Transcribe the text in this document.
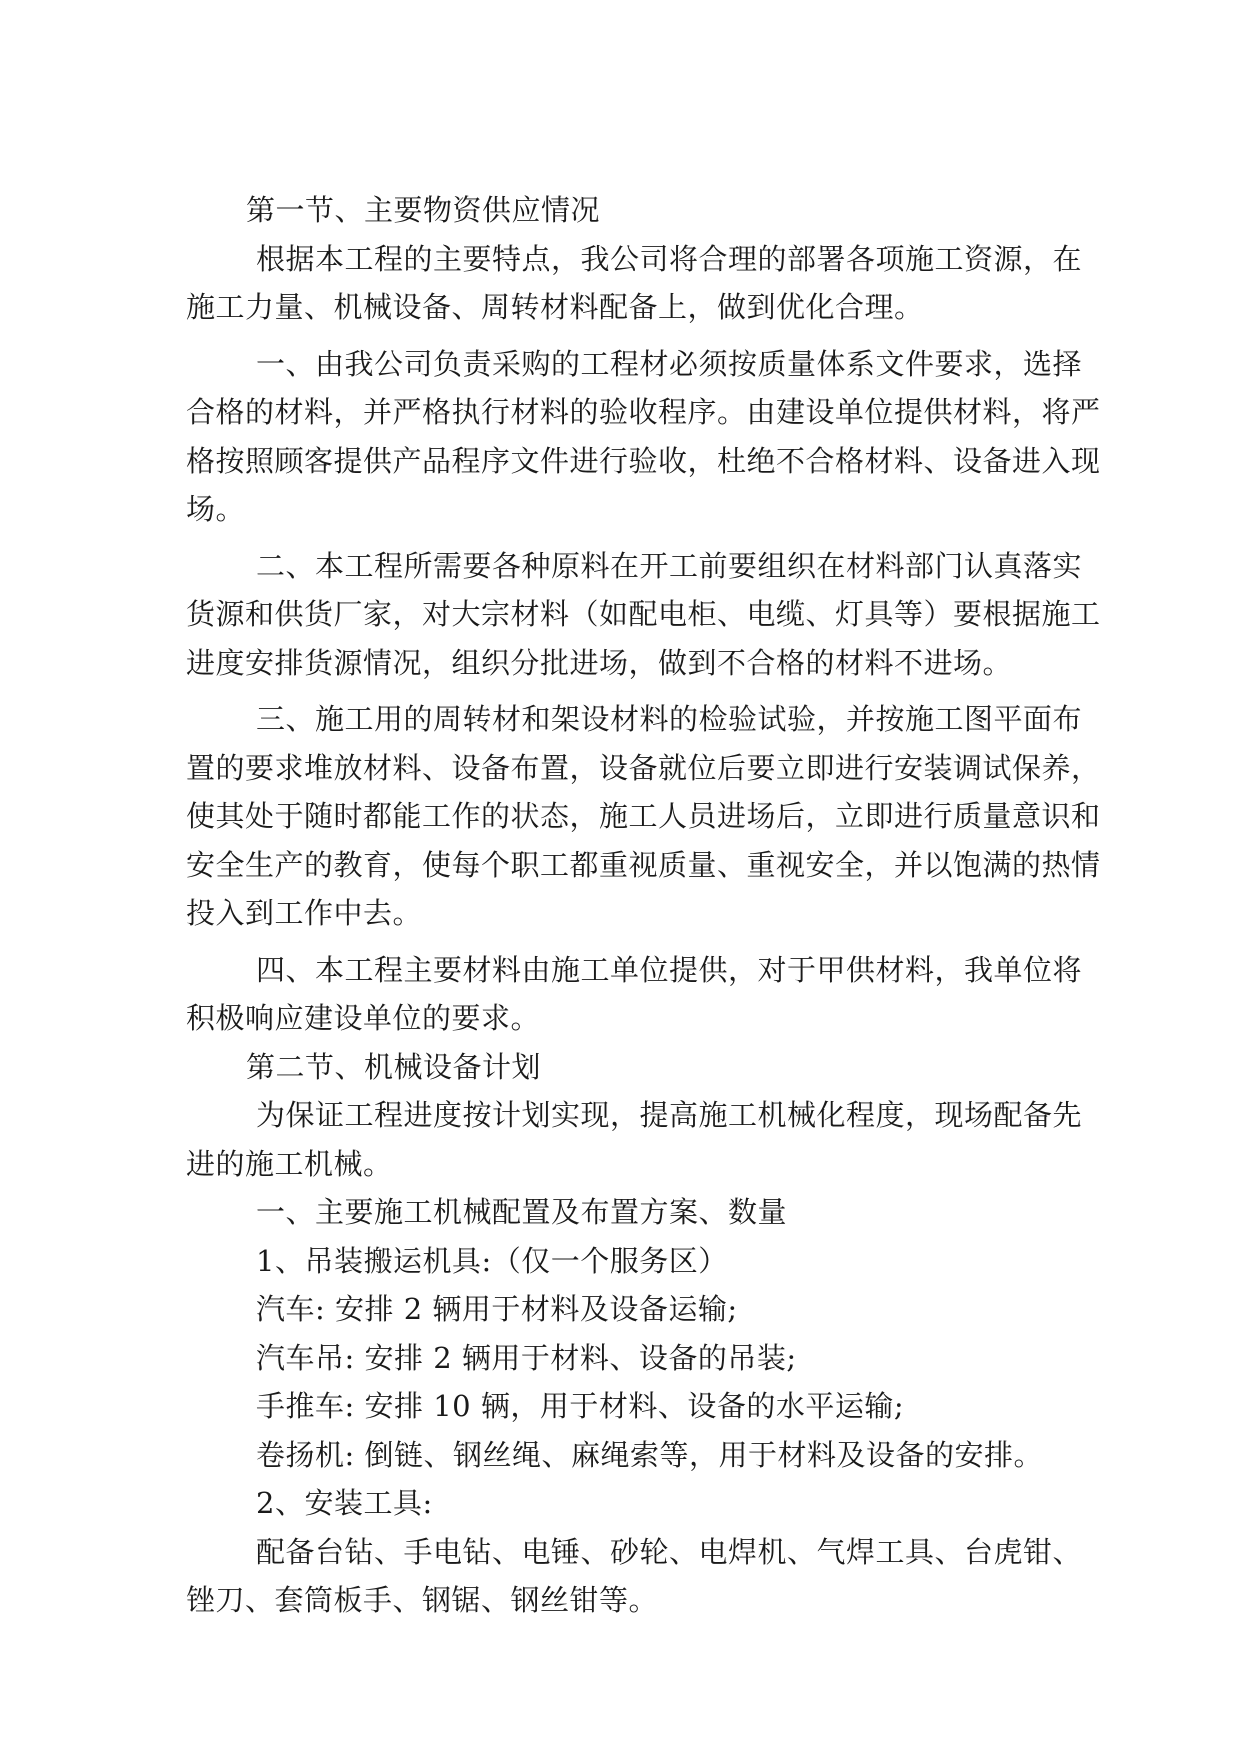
第一节、主要物资供应情况
根据本工程的主要特点，我公司将合理的部署各项施工资源，在
施工力量、机械设备、周转材料配备上，做到优化合理。
一、由我公司负责采购的工程材必须按质量体系文件要求，选择
合格的材料，并严格执行材料的验收程序。由建设单位提供材料，将严
格按照顾客提供产品程序文件进行验收，杜绝不合格材料、设备进入现
场。
二、本工程所需要各种原料在开工前要组织在材料部门认真落实
货源和供货厂家，对大宗材料（如配电柜、电缆、灯具等）要根据施工
进度安排货源情况，组织分批进场，做到不合格的材料不进场。
三、施工用的周转材和架设材料的检验试验，并按施工图平面布
置的要求堆放材料、设备布置，设备就位后要立即进行安装调试保养，
使其处于随时都能工作的状态，施工人员进场后，立即进行质量意识和
安全生产的教育，使每个职工都重视质量、重视安全，并以饱满的热情
投入到工作中去。
四、本工程主要材料由施工单位提供，对于甲供材料，我单位将
积极响应建设单位的要求。
第二节、机械设备计划
为保证工程进度按计划实现，提高施工机械化程度，现场配备先
进的施工机械。
一、主要施工机械配置及布置方案、数量
1、吊装搬运机具:（仅一个服务区）
汽车: 安排 2 辆用于材料及设备运输;
汽车吊: 安排 2 辆用于材料、设备的吊装;
手推车: 安排 10 辆，用于材料、设备的水平运输;
卷扬机: 倒链、钢丝绳、麻绳索等，用于材料及设备的安排。
2、安装工具:
配备台钻、手电钻、电锤、砂轮、电焊机、气焊工具、台虎钳、
锉刀、套筒板手、钢锯、钢丝钳等。
